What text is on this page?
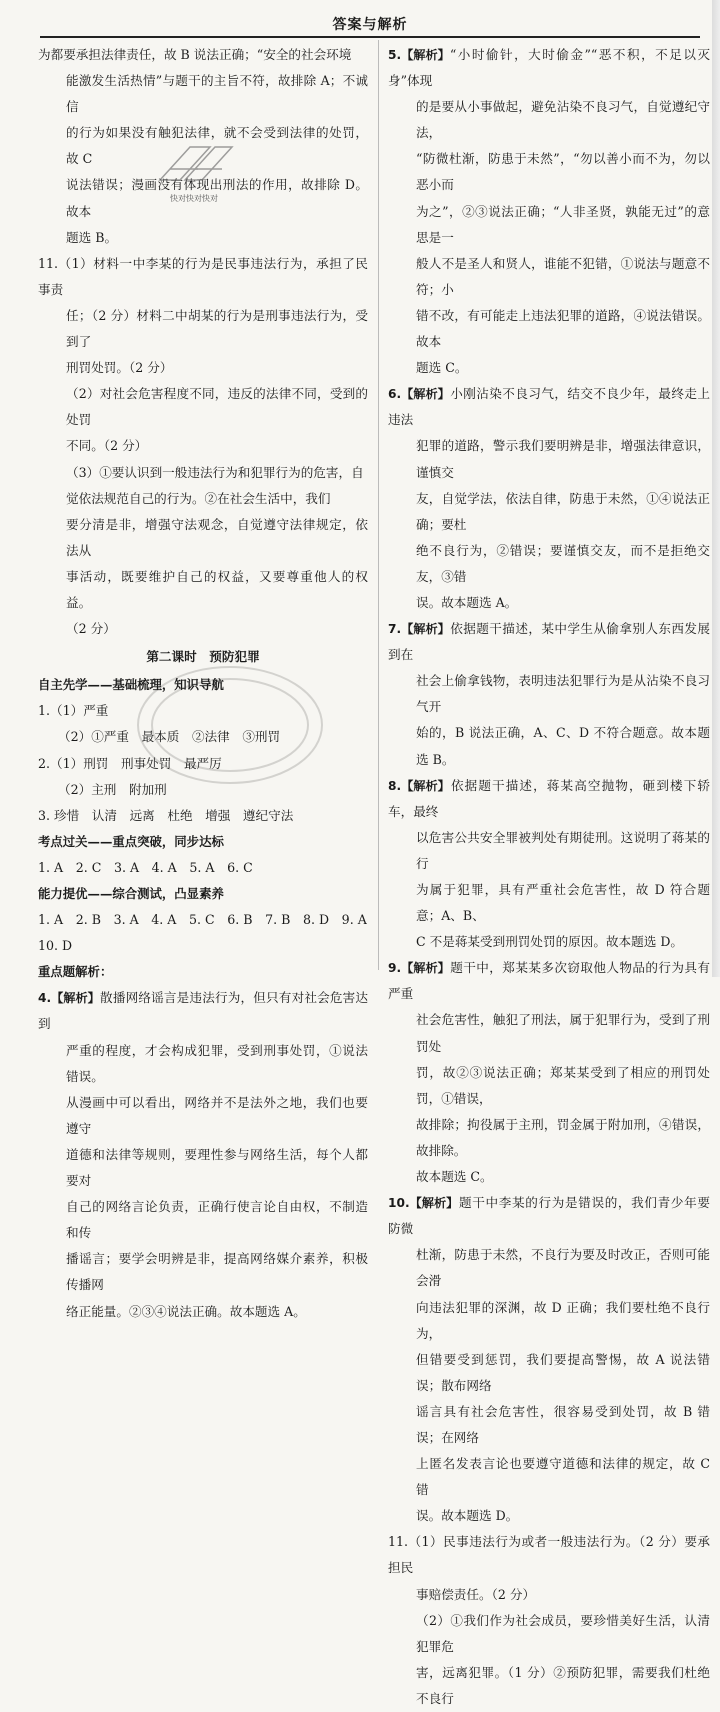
答案与解析

为都要承担法律责任，故 B 说法正确；“安全的社会环境

能激发生活热情”与题干的主旨不符，故排除 A；不诚信

的行为如果没有触犯法律，就不会受到法律的处罚，故 C

说法错误；漫画没有体现出刑法的作用，故排除 D。故本

题选 B。

11.（1）材料一中李某的行为是民事违法行为，承担了民事责

任；（2 分）材料二中胡某的行为是刑事违法行为，受到了

刑罚处罚。（2 分）

（2）对社会危害程度不同，违反的法律不同，受到的处罚

不同。（2 分）

（3）①要认识到一般违法行为和犯罪行为的危害，自

觉依法规范自己的行为。②在社会生活中，我们

要分清是非，增强守法观念，自觉遵守法律规定，依法从

事活动，既要维护自己的权益，又要尊重他人的权益。

（2 分）

第二课时　预防犯罪

自主先学——基础梳理，知识导航

1.（1）严重

（2）①严重　最本质　②法律　③刑罚

2.（1）刑罚　刑事处罚　最严厉

（2）主刑　附加刑

3. 珍惜　认清　远离　杜绝　增强　遵纪守法

考点过关——重点突破，同步达标

1. A　2. C　3. A　4. A　5. A　6. C

能力提优——综合测试，凸显素养

1. A　2. B　3. A　4. A　5. C　6. B　7. B　8. D　9. A

10. D

重点题解析：

4.【解析】散播网络谣言是违法行为，但只有对社会危害达到

严重的程度，才会构成犯罪，受到刑事处罚，①说法错误。

从漫画中可以看出，网络并不是法外之地，我们也要遵守

道德和法律等规则，要理性参与网络生活，每个人都要对

自己的网络言论负责，正确行使言论自由权，不制造和传

播谣言；要学会明辨是非，提高网络媒介素养，积极传播网

络正能量。②③④说法正确。故本题选 A。

5.【解析】“小时偷针，大时偷金”“恶不积，不足以灭身”体现

的是要从小事做起，避免沾染不良习气，自觉遵纪守法，

“防微杜渐，防患于未然”，“勿以善小而不为，勿以恶小而

为之”，②③说法正确；“人非圣贤，孰能无过”的意思是一

般人不是圣人和贤人，谁能不犯错，①说法与题意不符；小

错不改，有可能走上违法犯罪的道路，④说法错误。故本

题选 C。

6.【解析】小刚沾染不良习气，结交不良少年，最终走上违法

犯罪的道路，警示我们要明辨是非，增强法律意识，谨慎交

友，自觉学法，依法自律，防患于未然，①④说法正确；要杜

绝不良行为，②错误；要谨慎交友，而不是拒绝交友，③错

误。故本题选 A。

7.【解析】依据题干描述，某中学生从偷拿别人东西发展到在

社会上偷拿钱物，表明违法犯罪行为是从沾染不良习气开

始的，B 说法正确，A、C、D 不符合题意。故本题选 B。

8.【解析】依据题干描述，蒋某高空抛物，砸到楼下轿车，最终

以危害公共安全罪被判处有期徒刑。这说明了蒋某的行

为属于犯罪，具有严重社会危害性，故 D 符合题意；A、B、

C 不是蒋某受到刑罚处罚的原因。故本题选 D。

9.【解析】题干中，郑某某多次窃取他人物品的行为具有严重

社会危害性，触犯了刑法，属于犯罪行为，受到了刑罚处

罚，故②③说法正确；郑某某受到了相应的刑罚处罚，①错误，

故排除；拘役属于主刑，罚金属于附加刑，④错误，故排除。

故本题选 C。

10.【解析】题干中李某的行为是错误的，我们青少年要防微

杜渐，防患于未然，不良行为要及时改正，否则可能会滑

向违法犯罪的深渊，故 D 正确；我们要杜绝不良行为，

但错要受到惩罚，我们要提高警惕，故 A 说法错误；散布网络

谣言具有社会危害性，很容易受到处罚，故 B 错误；在网络

上匿名发表言论也要遵守道德和法律的规定，故 C 错

误。故本题选 D。

11.（1）民事违法行为或者一般违法行为。（2 分）要承担民

事赔偿责任。（2 分）

（2）①我们作为社会成员，要珍惜美好生活，认清犯罪危

害，远离犯罪。（1 分）②预防犯罪，需要我们杜绝不良行

快对快对快对
